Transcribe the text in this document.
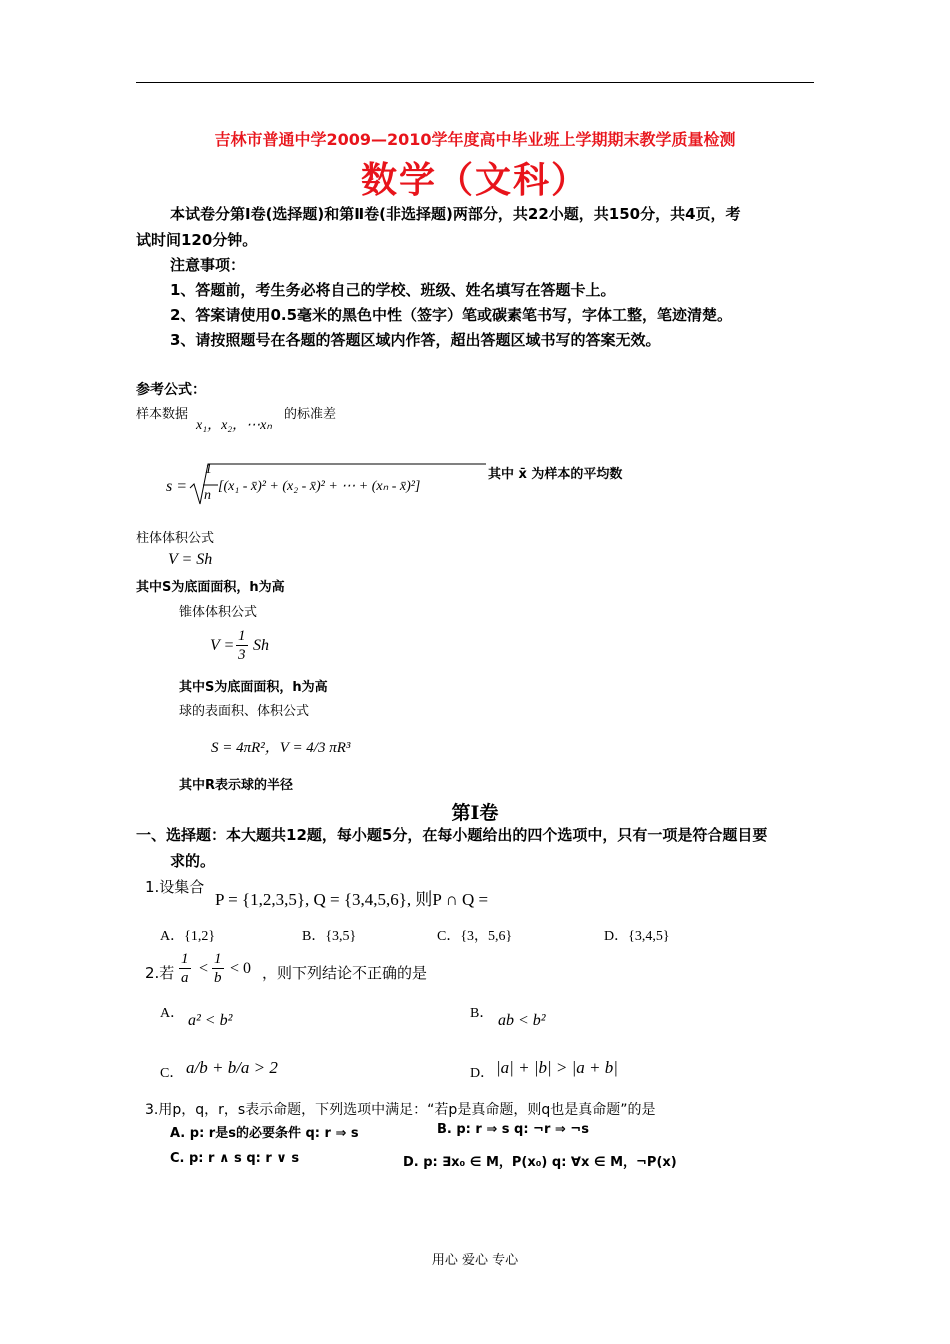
吉林市普通中学2009—2010学年度高中毕业班上学期期末教学质量检测
数学（文科）
本试卷分第Ⅰ卷(选择题)和第Ⅱ卷(非选择题)两部分，共22小题，共150分，共4页，考
试时间120分钟。
注意事项：
1、答题前，考生务必将自己的学校、班级、姓名填写在答题卡上。
2、答案请使用0.5毫米的黑色中性（签字）笔或碳素笔书写，字体工整，笔迹清楚。
3、请按照题号在各题的答题区域内作答，超出答题区域书写的答案无效。
参考公式：
样本数据
x₁，x₂，⋯xₙ
的标准差
s =
1
n
[(x₁ - x̄)² + (x₂ - x̄)² + ⋯ + (xₙ - x̄)²]
其中 x̄ 为样本的平均数
柱体体积公式
V = Sh
其中S为底面面积，h为高
锥体体积公式
$V = \frac{1}{3}$ Sh
其中S为底面面积，h为高
球的表面积、体积公式
S = 4πR²，V = 4/3 πR³
其中R表示球的半径
第Ⅰ卷
一、选择题：本大题共12题，每小题5分，在每小题给出的四个选项中，只有一项是符合题目要
求的。
1.设集合
P = {1,2,3,5}, Q = {3,4,5,6}, 则P ∩ Q =
A．{1,2}	B．{3,5}	C．{3，5,6}	D．{3,4,5}
2.若 $\frac{1}{a} < \frac{1}{b} < 0$ ，则下列结论不正确的是
A． a² < b²	B． ab < b²
C． a/b + b/a > 2	D． |a| + |b| > |a + b|
3.用p，q，r，s表示命题，下列选项中满足：“若p是真命题，则q也是真命题”的是
A. p: r是s的必要条件 q: r ⇒ s	B. p: r ⇒ s q: ¬r ⇒ ¬s
C. p: r ∧ s q: r ∨ s	D. p: ∃x₀ ∈ M，P(x₀) q: ∀x ∈ M，¬P(x)
用心 爱心 专心
